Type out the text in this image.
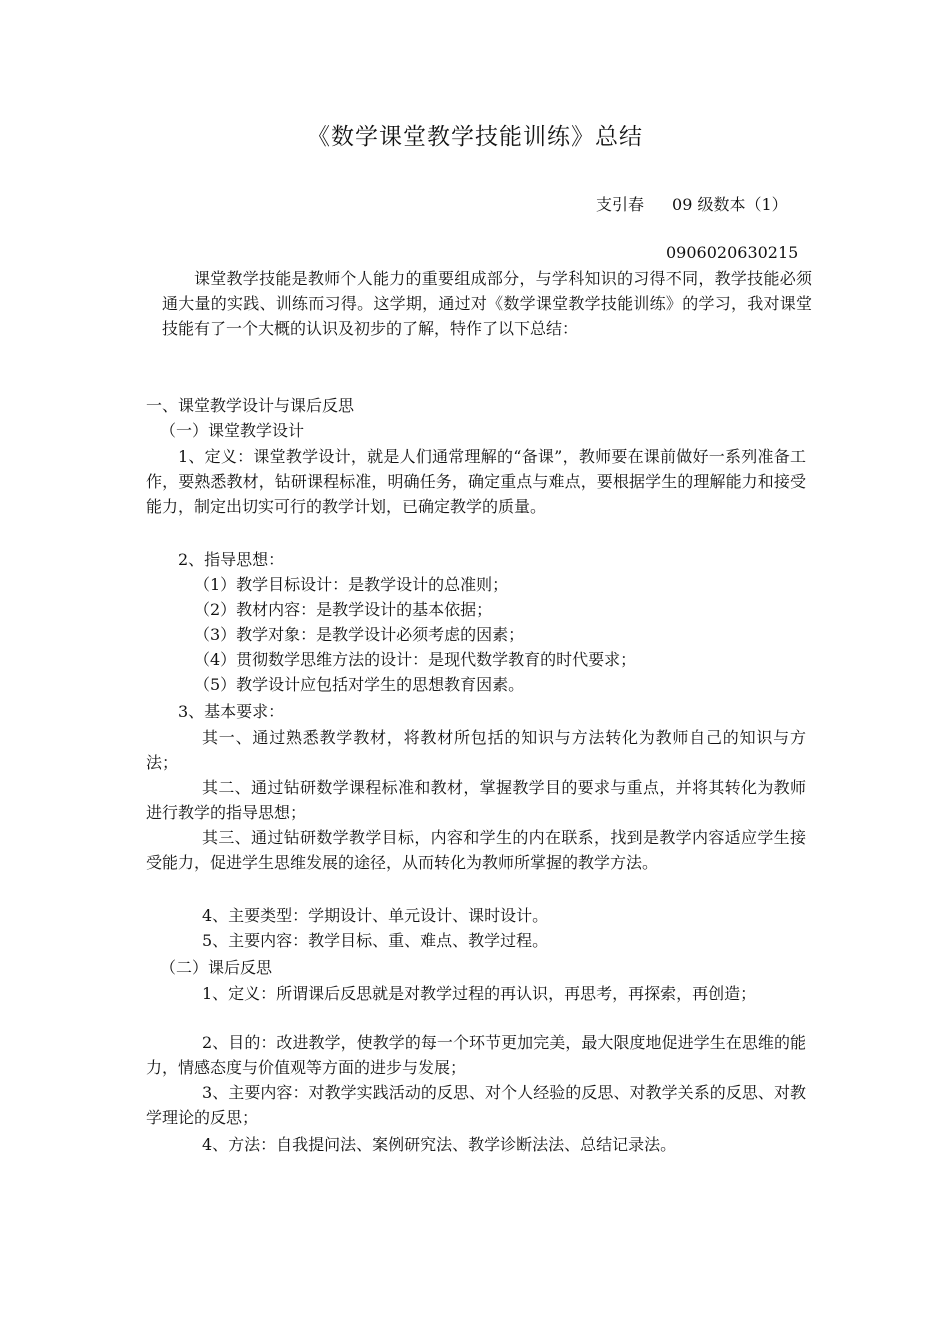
《数学课堂教学技能训练》总结
支引春 09 级数本（1）
0906020630215
课堂教学技能是教师个人能力的重要组成部分，与学科知识的习得不同，教学技能必须通大量的实践、训练而习得。这学期，通过对《数学课堂教学技能训练》的学习，我对课堂技能有了一个大概的认识及初步的了解，特作了以下总结：
一、课堂教学设计与课后反思
（一）课堂教学设计
1、定义：课堂教学设计，就是人们通常理解的“备课”，教师要在课前做好一系列准备工作，要熟悉教材，钻研课程标准，明确任务，确定重点与难点，要根据学生的理解能力和接受能力，制定出切实可行的教学计划，已确定教学的质量。
2、指导思想：
（1）教学目标设计：是教学设计的总准则；
（2）教材内容：是教学设计的基本依据；
（3）教学对象：是教学设计必须考虑的因素；
（4）贯彻数学思维方法的设计：是现代数学教育的时代要求；
（5）教学设计应包括对学生的思想教育因素。
3、基本要求：
其一、通过熟悉教学教材，将教材所包括的知识与方法转化为教师自己的知识与方法；
其二、通过钻研数学课程标准和教材，掌握教学目的要求与重点，并将其转化为教师进行教学的指导思想；
其三、通过钻研数学教学目标，内容和学生的内在联系，找到是教学内容适应学生接受能力，促进学生思维发展的途径，从而转化为教师所掌握的教学方法。
4、主要类型：学期设计、单元设计、课时设计。
5、主要内容：教学目标、重、难点、教学过程。
（二）课后反思
1、定义：所谓课后反思就是对教学过程的再认识，再思考，再探索，再创造；
2、目的：改进教学，使教学的每一个环节更加完美，最大限度地促进学生在思维的能力，情感态度与价值观等方面的进步与发展；
3、主要内容：对教学实践活动的反思、对个人经验的反思、对教学关系的反思、对教学理论的反思；
4、方法：自我提问法、案例研究法、教学诊断法法、总结记录法。
